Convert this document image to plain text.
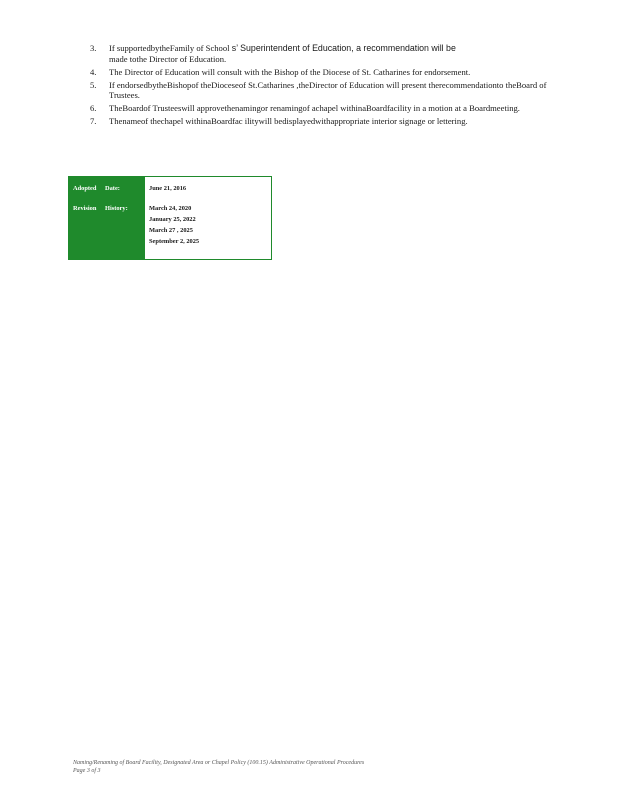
3. If supportedbytheFamily of School s’ Superintendent of Education, a recommendation will be
made tothe Director of Education.
4. The Director of Education will consult with the Bishop of the Diocese of St. Catharines for endorsement.
5. If endorsedbytheBishopof theDioceseof St.Catharines ,theDirector of Education will present therecommendationto theBoard of Trustees.
6. TheBoardof Trusteeswill approvethenamingor renamingof achapel withinaBoardfacility in a motion at a Boardmeeting.
7. Thenameof thechapel withinaBoardfac ilitywill bedisplayedwithappropriate interior signage or lettering.
Adopted Date:
Revision History:
June 21, 2016
March 24, 2020
January 25, 2022
March 27 , 2025
September 2, 2025
Naming/Renaming of Board Facility, Designated Area or Chapel Policy (100.15) Administrative Operational Procedures
Page 3 of 3
